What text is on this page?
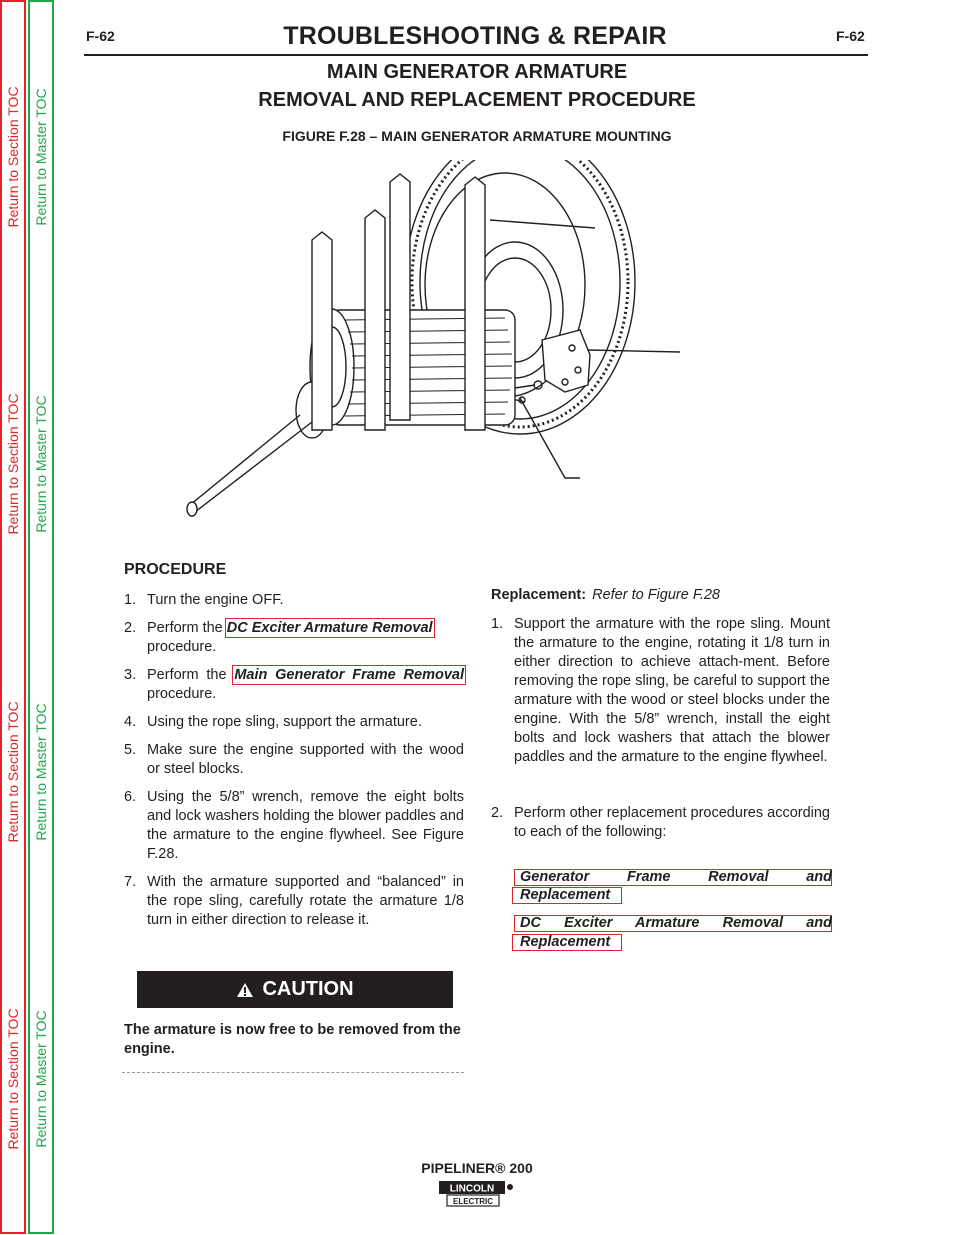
Return to Section TOC
Return to Section TOC
Return to Section TOC
Return to Section TOC
Return to Master TOC
Return to Master TOC
Return to Master TOC
Return to Master TOC
F-62	F-62
TROUBLESHOOTING & REPAIR
MAIN GENERATOR ARMATURE
REMOVAL AND REPLACEMENT PROCEDURE
FIGURE F.28 – MAIN GENERATOR ARMATURE MOUNTING
PROCEDURE
1. Turn the engine OFF.
2. Perform the DC Exciter Armature Removal
procedure.
3. Perform the Main Generator Frame Removal procedure.
4. Using the rope sling, support the armature.
5. Make sure the engine supported with the wood or steel blocks.
6. Using the 5/8” wrench, remove the eight bolts and lock washers holding the blower paddles and the armature to the engine flywheel. See Figure F.28.
7. With the armature supported and “balanced” in the rope sling, carefully rotate the armature 1/8 turn in either direction to release it.
CAUTION
The armature is now free to be removed from the engine.
Replacement: Refer to Figure F.28
1. Support the armature with the rope sling. Mount the armature to the engine, rotating it 1/8 turn in either direction to achieve attach-ment. Before removing the rope sling, be careful to support the armature with the wood or steel blocks under the engine. With the 5/8” wrench, install the eight bolts and lock washers that attach the blower paddles and the armature to the engine flywheel.
2. Perform other replacement procedures according to each of the following:
Generator Frame Removal and
Replacement
DC Exciter Armature Removal and
Replacement
PIPELINER® 200
LINCOLN
ELECTRIC
